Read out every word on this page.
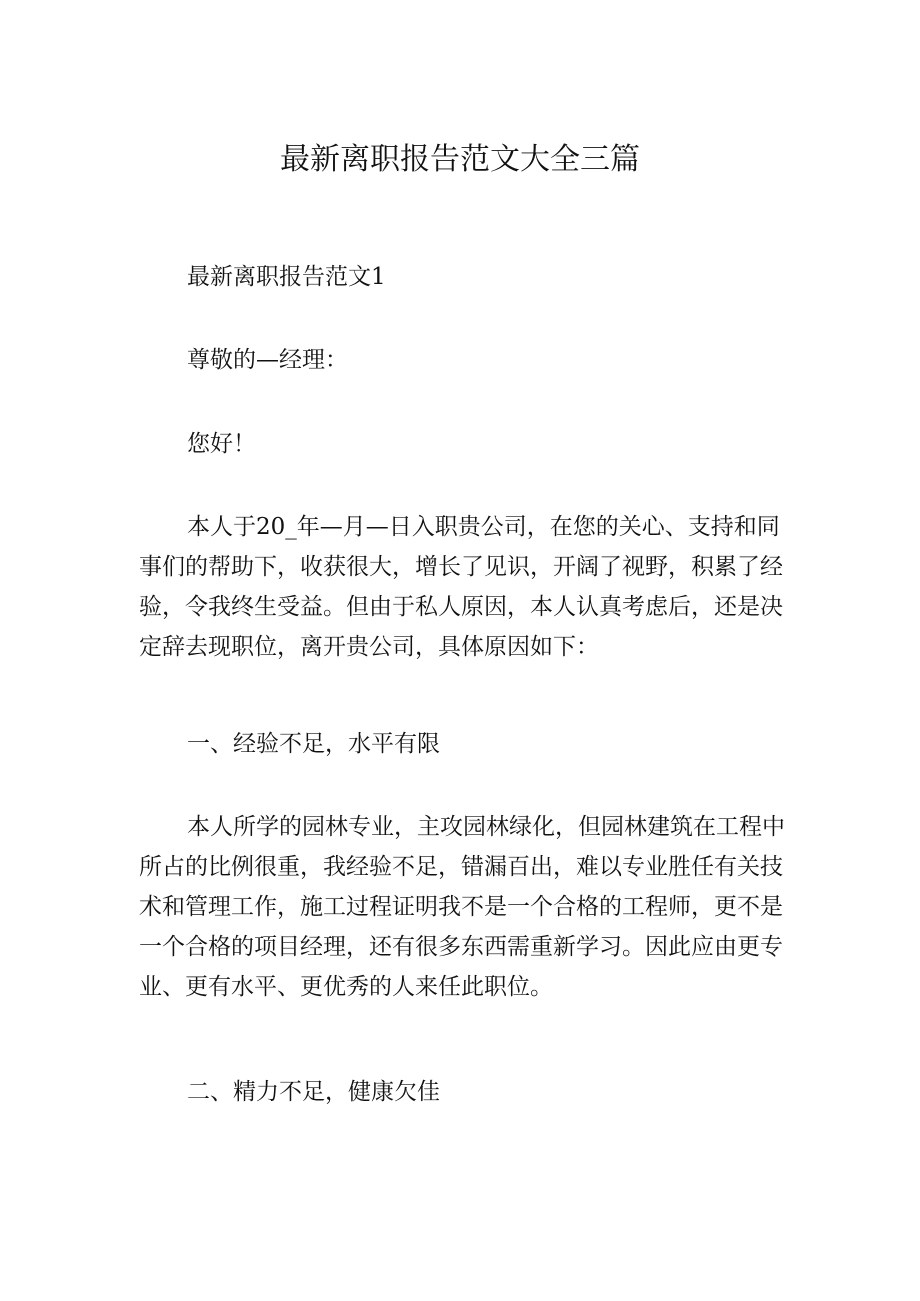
最新离职报告范文大全三篇

最新离职报告范文1

尊敬的—经理：

您好！

本人于20_年—月—日入职贵公司，在您的关心、支持和同事们的帮助下，收获很大，增长了见识，开阔了视野，积累了经验，令我终生受益。但由于私人原因，本人认真考虑后，还是决定辞去现职位，离开贵公司，具体原因如下：

一、经验不足，水平有限

本人所学的园林专业，主攻园林绿化，但园林建筑在工程中所占的比例很重，我经验不足，错漏百出，难以专业胜任有关技术和管理工作，施工过程证明我不是一个合格的工程师，更不是一个合格的项目经理，还有很多东西需重新学习。因此应由更专业、更有水平、更优秀的人来任此职位。

二、精力不足，健康欠佳
